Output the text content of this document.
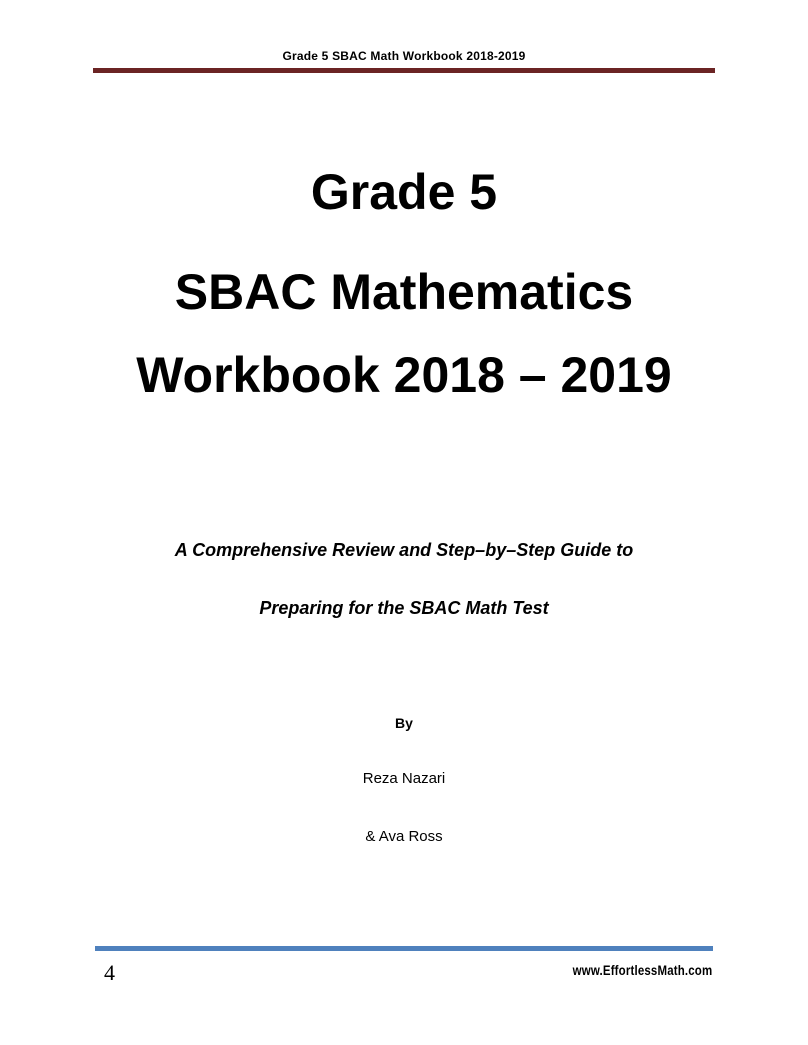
Grade 5 SBAC Math Workbook 2018-2019
Grade 5
SBAC Mathematics
Workbook 2018 – 2019
A Comprehensive Review and Step–by–Step Guide to
Preparing for the SBAC Math Test
By
Reza Nazari
& Ava Ross
4	www.EffortlessMath.com
